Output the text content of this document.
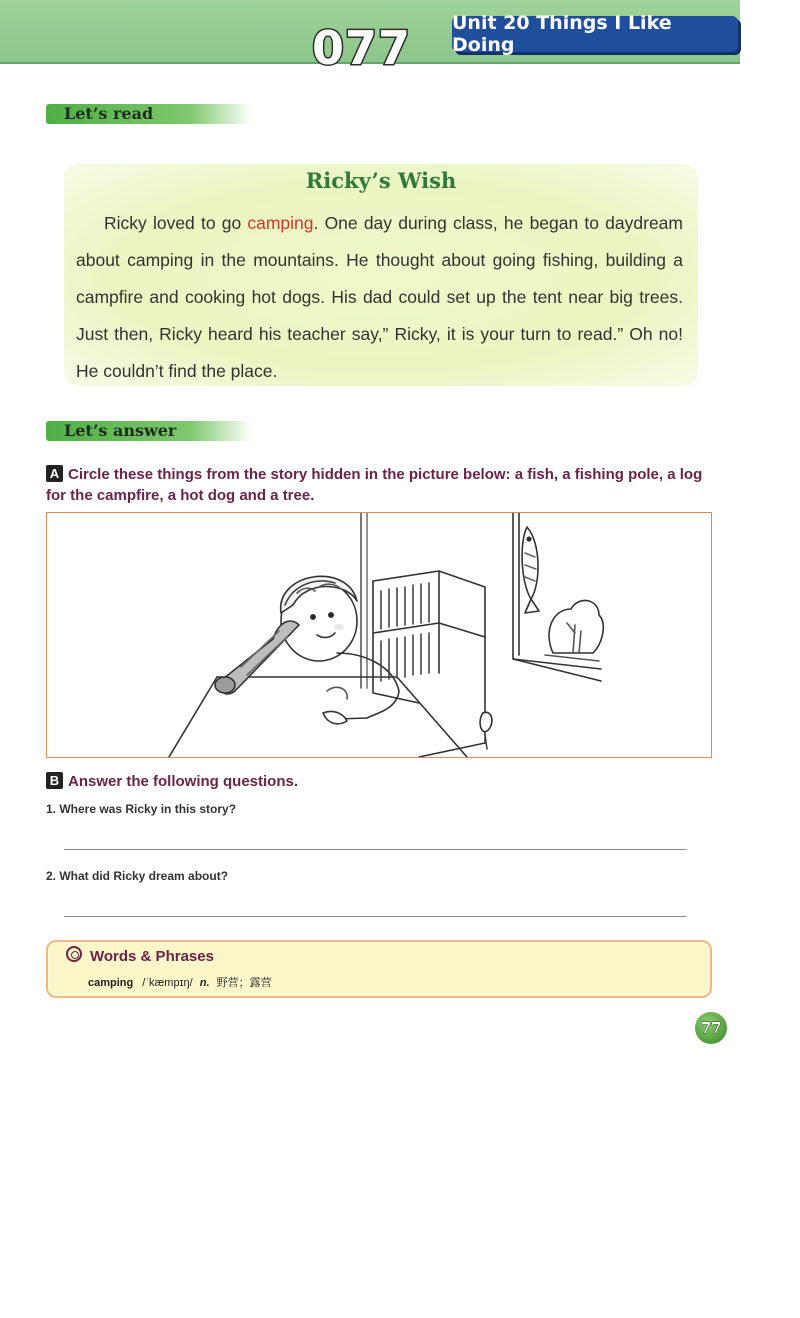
077 Unit 20 Things I Like Doing
Let’s read
Ricky’s Wish
Ricky loved to go camping. One day during class, he began to daydream about camping in the mountains. He thought about going fishing, building a campfire and cooking hot dogs. His dad could set up the tent near big trees. Just then, Ricky heard his teacher say,” Ricky, it is your turn to read.” Oh no! He couldn’t find the place.
Let’s answer
A Circle these things from the story hidden in the picture below: a fish, a fishing pole, a log for the campfire, a hot dog and a tree.
B Answer the following questions.
1. Where was Ricky in this story?
2. What did Ricky dream about?
Words & Phrases
camping /ˈkæmpɪŋ/ n. 野营；露营
77
